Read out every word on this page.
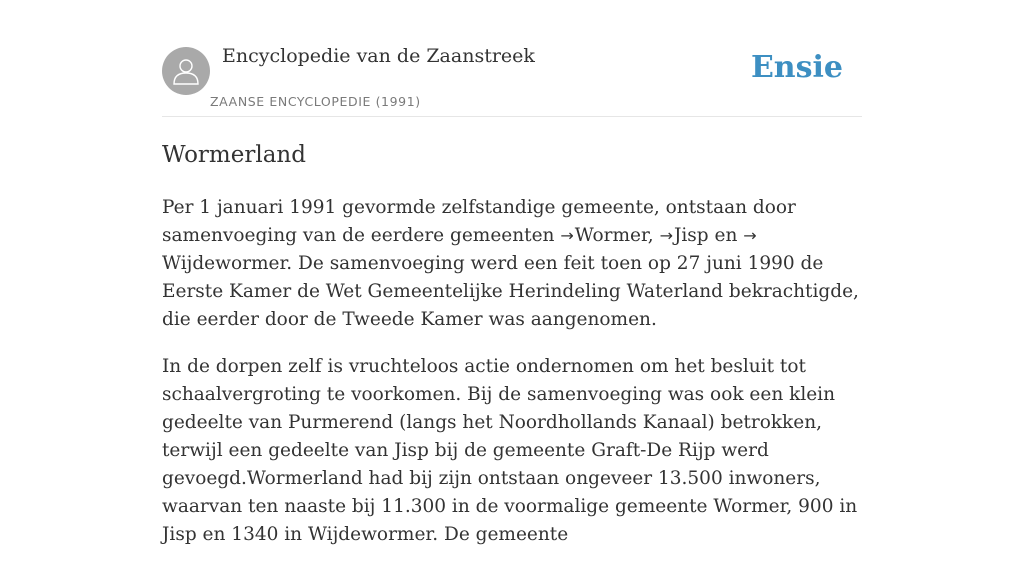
Encyclopedie van de Zaanstreek
ZAANSE ENCYCLOPEDIE (1991)
Ensie
Wormerland

Per 1 januari 1991 gevormde zelfstandige gemeente, ontstaan door samenvoeging van de eerdere gemeenten →Wormer, →Jisp en →Wijdewormer. De samenvoeging werd een feit toen op 27 juni 1990 de Eerste Kamer de Wet Gemeentelijke Herindeling Waterland bekrachtigde, die eerder door de Tweede Kamer was aangenomen.

In de dorpen zelf is vruchteloos actie ondernomen om het besluit tot schaalvergroting te voorkomen. Bij de samenvoeging was ook een klein gedeelte van Purmerend (langs het Noordhollands Kanaal) betrokken, terwijl een gedeelte van Jisp bij de gemeente Graft-De Rijp werd gevoegd.Wormerland had bij zijn ontstaan ongeveer 13.500 inwoners, waarvan ten naaste bij 11.300 in de voormalige gemeente Wormer, 900 in Jisp en 1340 in Wijdewormer. De gemeente
